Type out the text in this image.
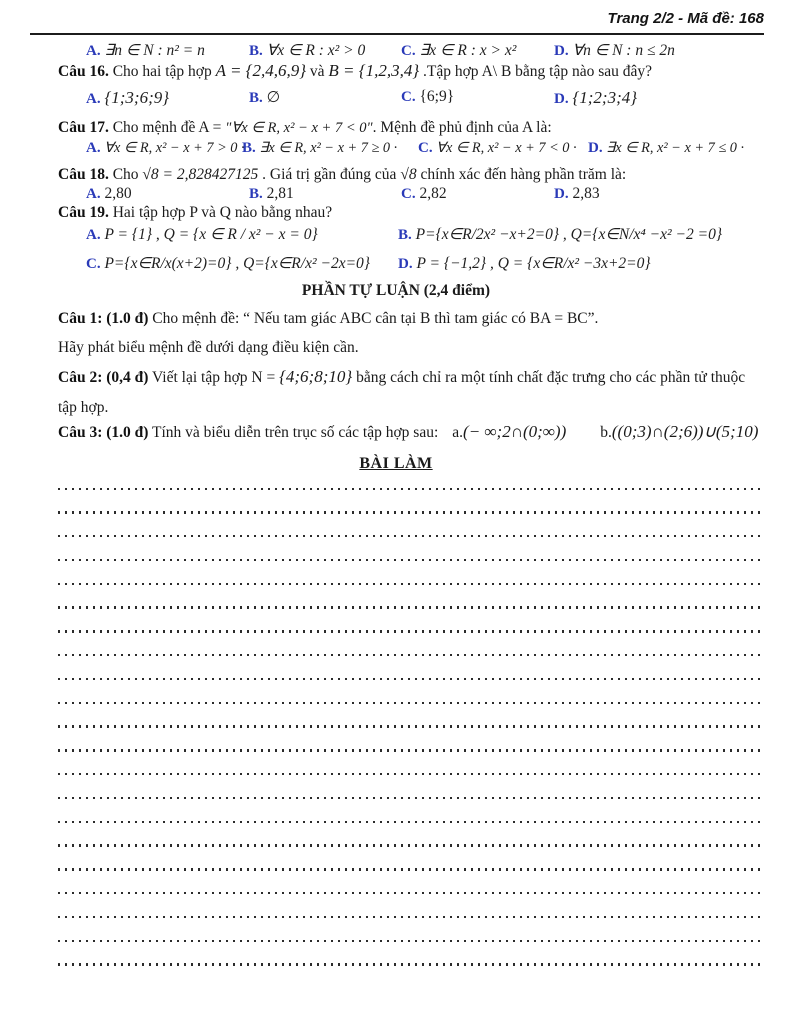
Trang 2/2 - Mã đề: 168
A. ∃n ∈ N : n² = n	B. ∀x ∈ R : x² > 0 C. ∃x ∈ R : x > x²	D. ∀n ∈ N : n ≤ 2n
Câu 16. Cho hai tập hợp A = {2,4,6,9} và B = {1,2,3,4} .Tập hợp A\ B bằng tập nào sau đây?
A. {1;3;6;9}	B. ∅	C. {6;9}	D. {1;2;3;4}
Câu 17. Cho mệnh đề A = "∀x ∈ R, x² − x + 7 < 0". Mệnh đề phủ định của A là:
A. ∀x ∈ R, x² − x + 7 > 0 ·
B. ∃x ∈ R, x² − x + 7 ≥ 0 · C. ∀x ∈ R, x² − x + 7 < 0 · D. ∃x ∈ R, x² − x + 7 ≤ 0 ·
Câu 18. Cho √8 = 2,828427125 . Giá trị gần đúng của √8 chính xác đến hàng phần trăm là:
A. 2,80	B. 2,81	C. 2,82	D. 2,83
Câu 19. Hai tập hợp P và Q nào bằng nhau?
A. P = {1} , Q = {x ∈ R / x² − x = 0}	B. P={x∈R/2x² −x+2=0} , Q={x∈N/x⁴ −x² −2 =0}
C. P={x∈R/x(x+2)=0} , Q={x∈R/x² −2x=0} D. P = {−1,2} , Q = {x∈R/x² −3x+2=0}
PHẦN TỰ LUẬN (2,4 điểm)
Câu 1: (1.0 đ) Cho mệnh đề: “ Nếu tam giác ABC cân tại B thì tam giác có BA = BC”.
Hãy phát biểu mệnh đề dưới dạng điều kiện cần.
Câu 2: (0,4 đ) Viết lại tập hợp N = {4;6;8;10} bằng cách chỉ ra một tính chất đặc trưng cho các phần tử thuộc tập hợp.
Câu 3: (1.0 đ) Tính và biểu diễn trên trục số các tập hợp sau: a.(− ∞;2∩(0;∞)) b.((0;3)∩(2;6))∪(5;10)
BÀI LÀM
